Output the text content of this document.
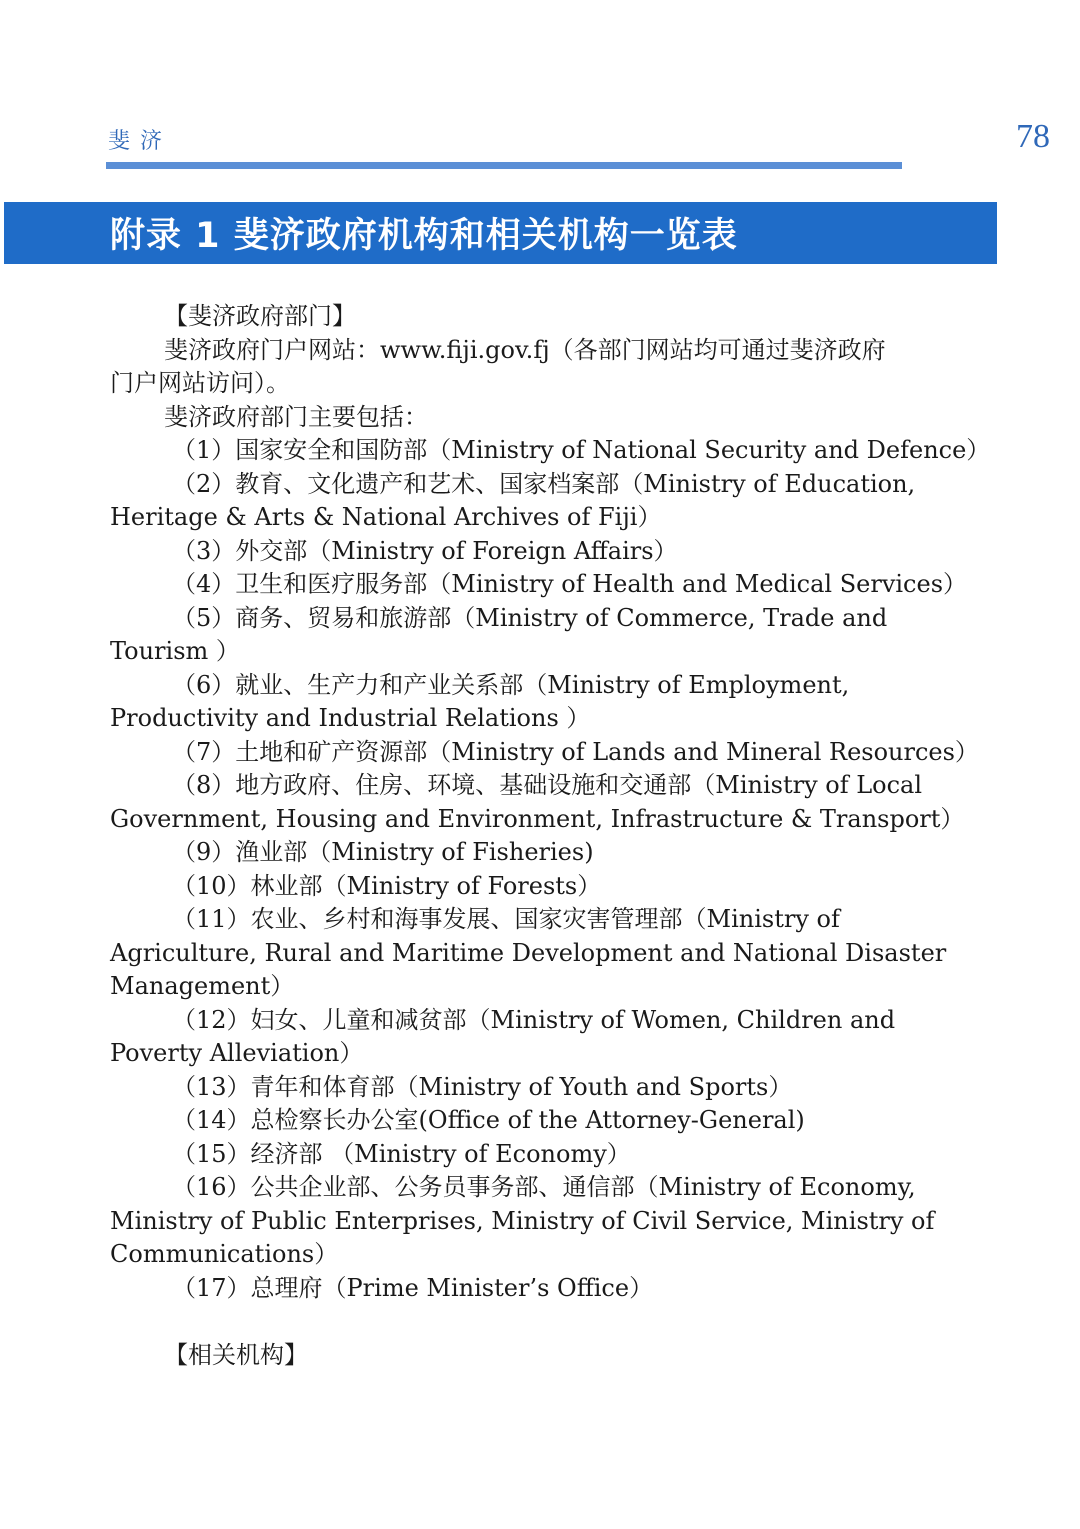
斐济	78
附录 1 斐济政府机构和相关机构一览表

【斐济政府部门】

斐济政府门户网站：www.fiji.gov.fj（各部门网站均可通过斐济政府

门户网站访问）。

斐济政府部门主要包括：

（1）国家安全和国防部（Ministry of National Security and Defence）

（2）教育、文化遗产和艺术、国家档案部（Ministry of Education,

Heritage & Arts & National Archives of Fiji）

（3）外交部（Ministry of Foreign Affairs）

（4）卫生和医疗服务部（Ministry of Health and Medical Services）

（5）商务、贸易和旅游部（Ministry of Commerce, Trade and

Tourism ）

（6）就业、生产力和产业关系部（Ministry of Employment,

Productivity and Industrial Relations ）

（7）土地和矿产资源部（Ministry of Lands and Mineral Resources）

（8）地方政府、住房、环境、基础设施和交通部（Ministry of Local

Government, Housing and Environment, Infrastructure & Transport）

（9）渔业部（Ministry of Fisheries)

（10）林业部（Ministry of Forests）

（11）农业、乡村和海事发展、国家灾害管理部（Ministry of

Agriculture, Rural and Maritime Development and National Disaster

Management）

（12）妇女、儿童和减贫部（Ministry of Women, Children and

Poverty Alleviation）

（13）青年和体育部（Ministry of Youth and Sports）

（14）总检察长办公室(Office of the Attorney-General)

（15）经济部 （Ministry of Economy）

（16）公共企业部、公务员事务部、通信部（Ministry of Economy,

Ministry of Public Enterprises, Ministry of Civil Service, Ministry of

Communications）

（17）总理府（Prime Minister’s Office）

【相关机构】
